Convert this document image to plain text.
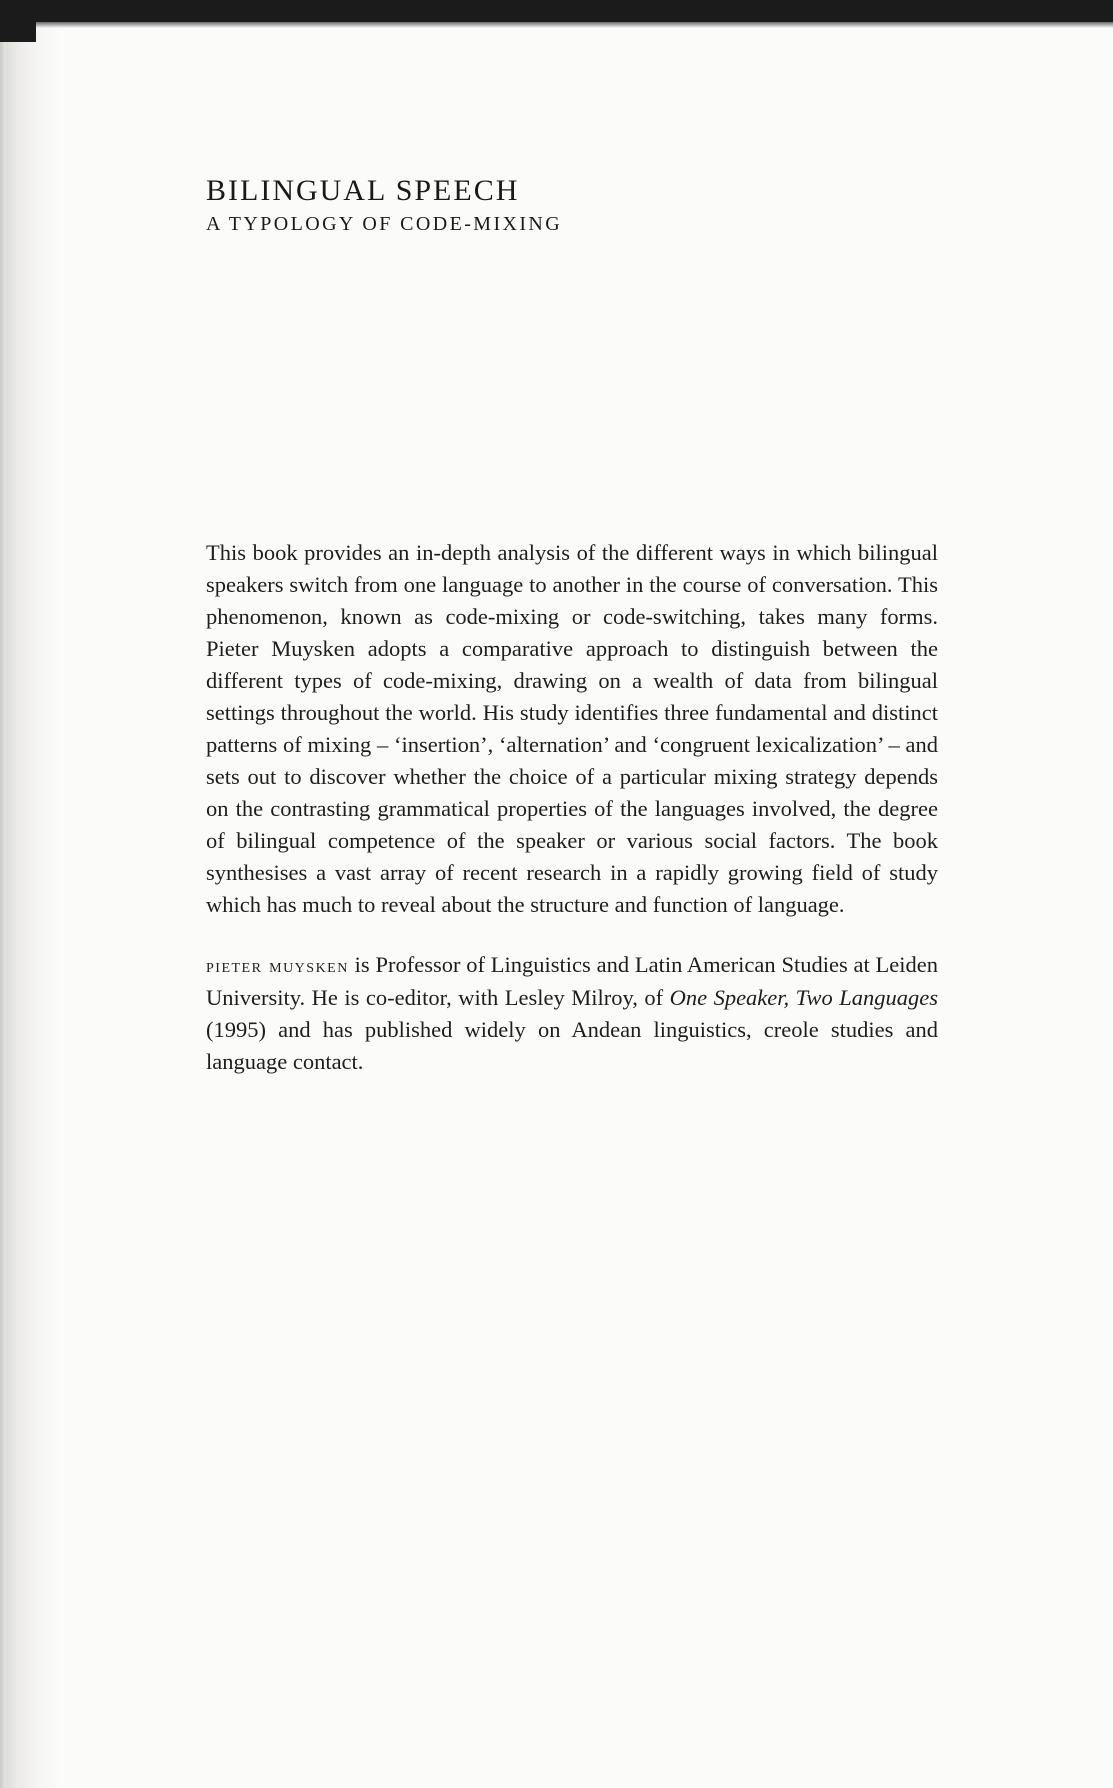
BILINGUAL SPEECH
A TYPOLOGY OF CODE-MIXING

This book provides an in-depth analysis of the different ways in which bilingual speakers switch from one language to another in the course of conversation. This phenomenon, known as code-mixing or code-switching, takes many forms. Pieter Muysken adopts a comparative approach to distinguish between the different types of code-mixing, drawing on a wealth of data from bilingual settings throughout the world. His study identifies three fundamental and distinct patterns of mixing – ‘insertion’, ‘alternation’ and ‘congruent lexicalization’ – and sets out to discover whether the choice of a particular mixing strategy depends on the contrasting grammatical properties of the languages involved, the degree of bilingual competence of the speaker or various social factors. The book synthesises a vast array of recent research in a rapidly growing field of study which has much to reveal about the structure and function of language.

pieter muysken is Professor of Linguistics and Latin American Studies at Leiden University. He is co-editor, with Lesley Milroy, of One Speaker, Two Languages (1995) and has published widely on Andean linguistics, creole studies and language contact.
